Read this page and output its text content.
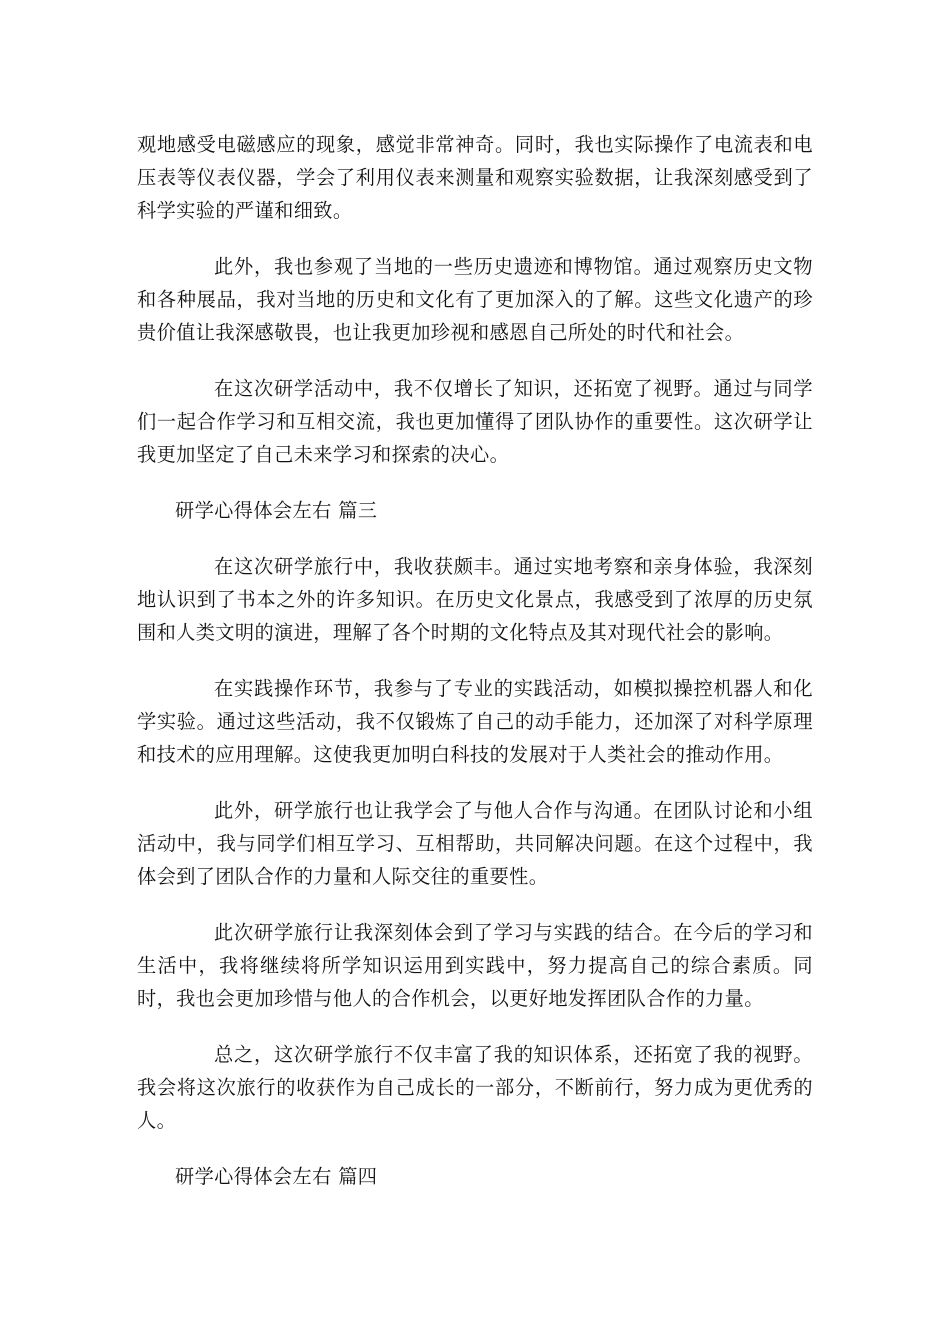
观地感受电磁感应的现象，感觉非常神奇。同时，我也实际操作了电流表和电压表等仪表仪器，学会了利用仪表来测量和观察实验数据，让我深刻感受到了科学实验的严谨和细致。

此外，我也参观了当地的一些历史遗迹和博物馆。通过观察历史文物和各种展品，我对当地的历史和文化有了更加深入的了解。这些文化遗产的珍贵价值让我深感敬畏，也让我更加珍视和感恩自己所处的时代和社会。

在这次研学活动中，我不仅增长了知识，还拓宽了视野。通过与同学们一起合作学习和互相交流，我也更加懂得了团队协作的重要性。这次研学让我更加坚定了自己未来学习和探索的决心。

研学心得体会左右 篇三

在这次研学旅行中，我收获颇丰。通过实地考察和亲身体验，我深刻地认识到了书本之外的许多知识。在历史文化景点，我感受到了浓厚的历史氛围和人类文明的演进，理解了各个时期的文化特点及其对现代社会的影响。

在实践操作环节，我参与了专业的实践活动，如模拟操控机器人和化学实验。通过这些活动，我不仅锻炼了自己的动手能力，还加深了对科学原理和技术的应用理解。这使我更加明白科技的发展对于人类社会的推动作用。

此外，研学旅行也让我学会了与他人合作与沟通。在团队讨论和小组活动中，我与同学们相互学习、互相帮助，共同解决问题。在这个过程中，我体会到了团队合作的力量和人际交往的重要性。

此次研学旅行让我深刻体会到了学习与实践的结合。在今后的学习和生活中，我将继续将所学知识运用到实践中，努力提高自己的综合素质。同时，我也会更加珍惜与他人的合作机会，以更好地发挥团队合作的力量。

总之，这次研学旅行不仅丰富了我的知识体系，还拓宽了我的视野。我会将这次旅行的收获作为自己成长的一部分，不断前行，努力成为更优秀的人。

研学心得体会左右 篇四
